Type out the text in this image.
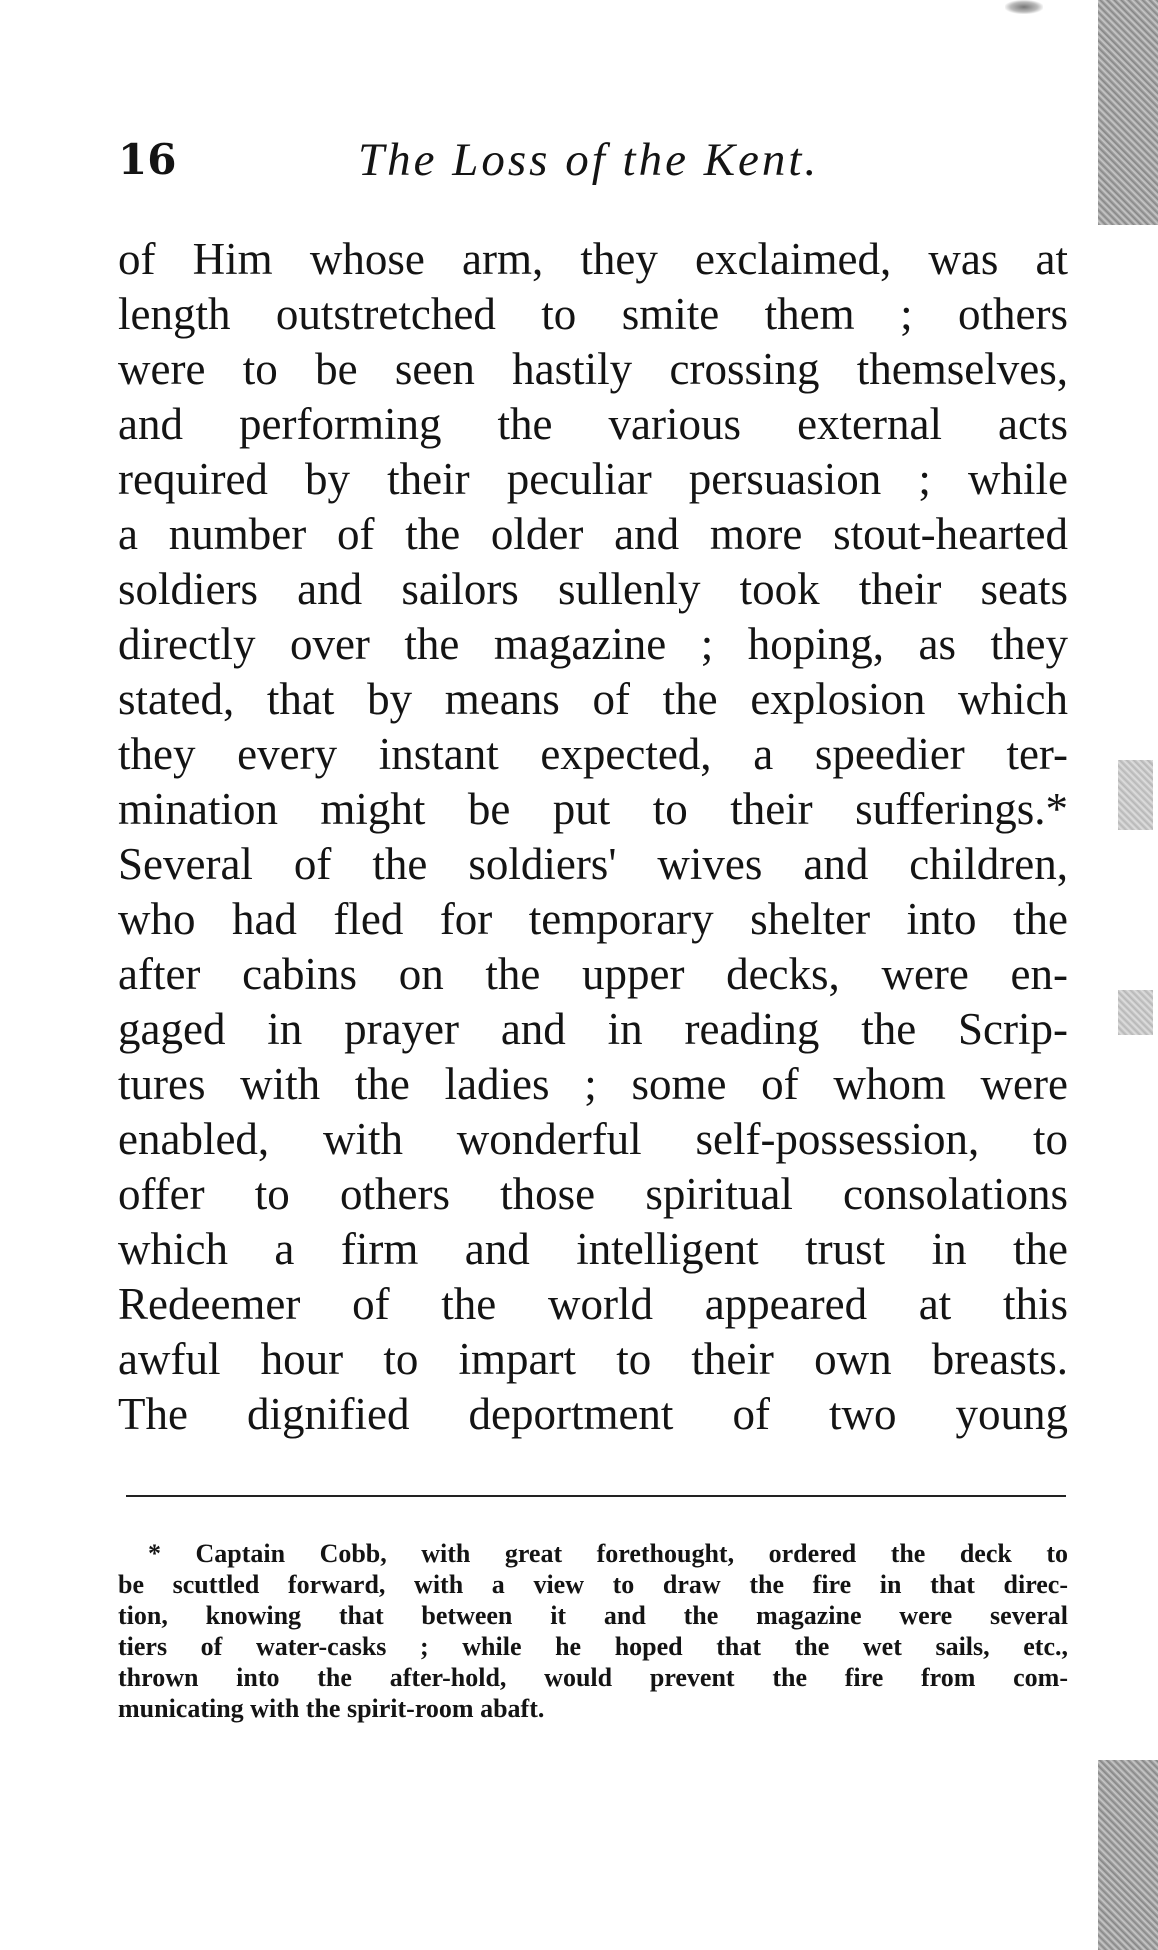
16	The Loss of the Kent.
of Him whose arm, they exclaimed, was at
length outstretched to smite them ; others
were to be seen hastily crossing themselves,
and performing the various external acts
required by their peculiar persuasion ; while
a number of the older and more stout-hearted
soldiers and sailors sullenly took their seats
directly over the magazine ; hoping, as they
stated, that by means of the explosion which
they every instant expected, a speedier ter-
mination might be put to their sufferings.*
Several of the soldiers' wives and children,
who had fled for temporary shelter into the
after cabins on the upper decks, were en-
gaged in prayer and in reading the Scrip-
tures with the ladies ; some of whom were
enabled, with wonderful self-possession, to
offer to others those spiritual consolations
which a firm and intelligent trust in the
Redeemer of the world appeared at this
awful hour to impart to their own breasts.
The dignified deportment of two young
* Captain Cobb, with great forethought, ordered the deck to
be scuttled forward, with a view to draw the fire in that direc-
tion, knowing that between it and the magazine were several
tiers of water-casks ; while he hoped that the wet sails, etc.,
thrown into the after-hold, would prevent the fire from com-
municating with the spirit-room abaft.
